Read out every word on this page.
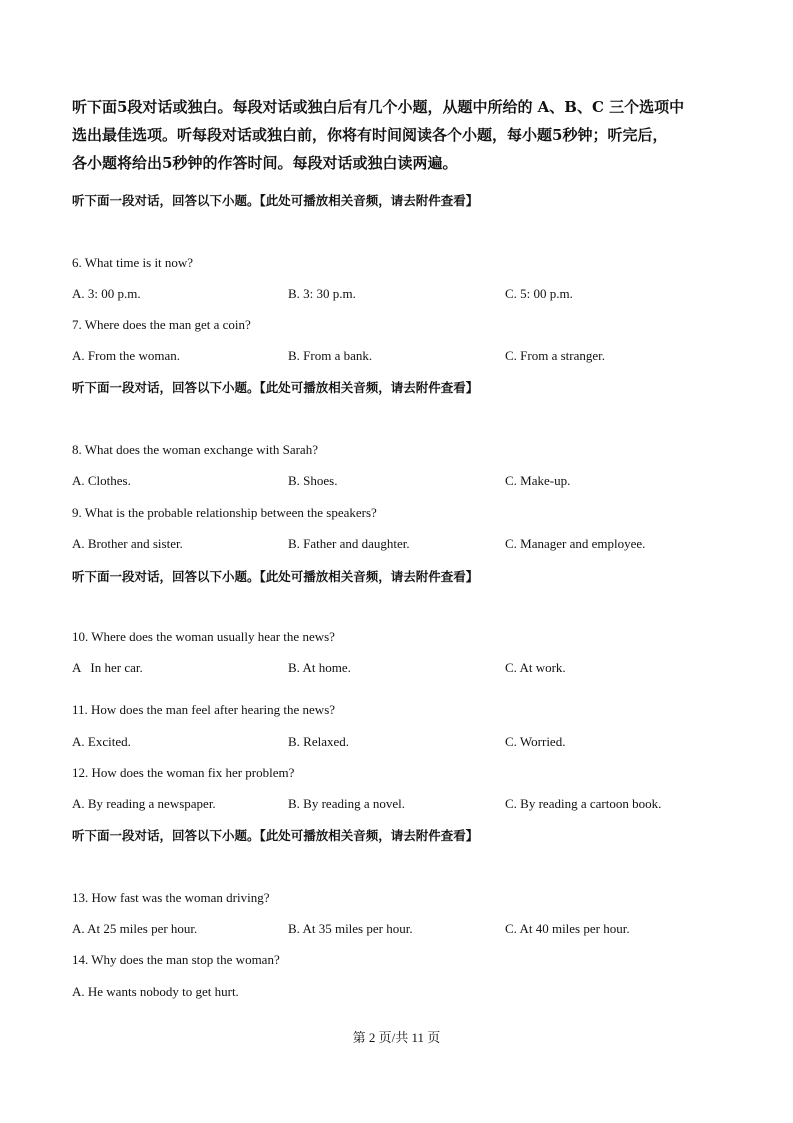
听下面5段对话或独白。每段对话或独白后有几个小题，从题中所给的 A、B、C 三个选项中
选出最佳选项。听每段对话或独白前，你将有时间阅读各个小题，每小题5秒钟；听完后，
各小题将给出5秒钟的作答时间。每段对话或独白读两遍。
听下面一段对话，回答以下小题。【此处可播放相关音频，请去附件查看】
6. What time is it now?
A. 3: 00 p.m.	B. 3: 30 p.m.	C. 5: 00 p.m.
7. Where does the man get a coin?
A. From the woman.	B. From a bank.	C. From a stranger.
听下面一段对话，回答以下小题。【此处可播放相关音频，请去附件查看】
8. What does the woman exchange with Sarah?
A. Clothes.	B. Shoes.	C. Make-up.
9. What is the probable relationship between the speakers?
A. Brother and sister.	B. Father and daughter.	C. Manager and employee.
听下面一段对话，回答以下小题。【此处可播放相关音频，请去附件查看】
10. Where does the woman usually hear the news?
A   In her car.	B. At home.	C. At work.
11. How does the man feel after hearing the news?
A. Excited.	B. Relaxed.	C. Worried.
12. How does the woman fix her problem?
A. By reading a newspaper.	B. By reading a novel.	C. By reading a cartoon book.
听下面一段对话，回答以下小题。【此处可播放相关音频，请去附件查看】
13. How fast was the woman driving?
A. At 25 miles per hour.	B. At 35 miles per hour.	C. At 40 miles per hour.
14. Why does the man stop the woman?
A. He wants nobody to get hurt.
第 2 页/共 11 页
